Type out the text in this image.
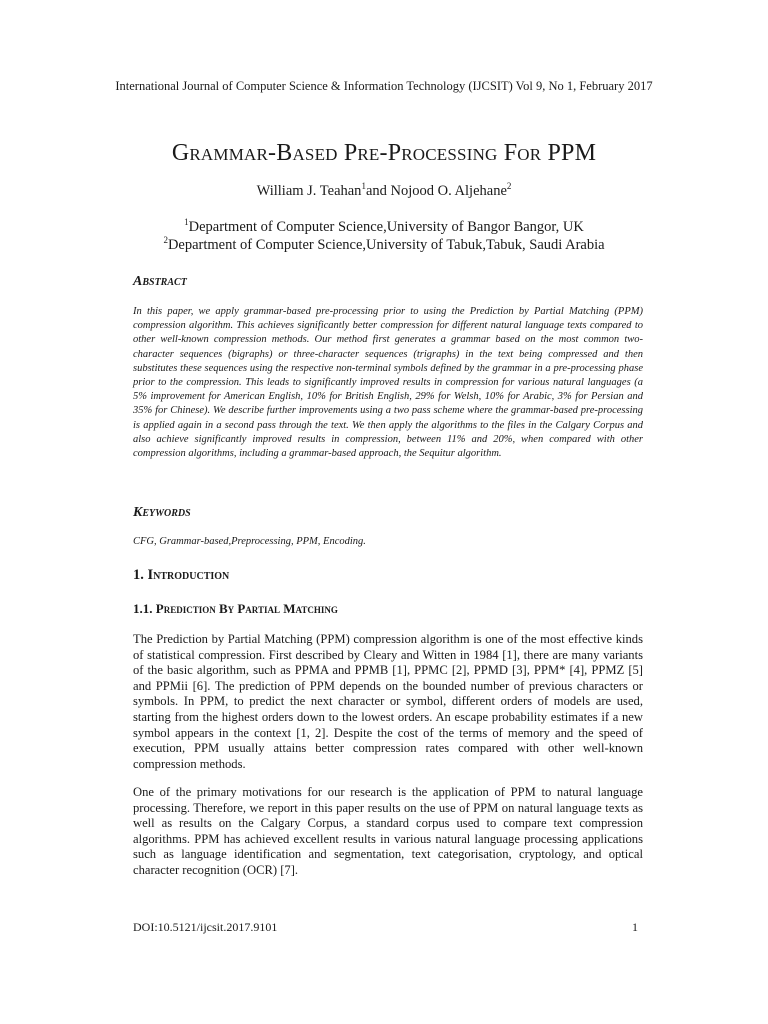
International Journal of Computer Science & Information Technology (IJCSIT) Vol 9, No 1, February 2017
Grammar-Based Pre-Processing For PPM
William J. Teahan$^1$and Nojood O. Aljehane$^2$
$^1$Department of Computer Science,University of Bangor Bangor, UK
$^2$Department of Computer Science,University of Tabuk,Tabuk, Saudi Arabia
Abstract
In this paper, we apply grammar-based pre-processing prior to using the Prediction by Partial Matching (PPM) compression algorithm. This achieves significantly better compression for different natural language texts compared to other well-known compression methods. Our method first generates a grammar based on the most common two-character sequences (bigraphs) or three-character sequences (trigraphs) in the text being compressed and then substitutes these sequences using the respective non-terminal symbols defined by the grammar in a pre-processing phase prior to the compression. This leads to significantly improved results in compression for various natural languages (a 5% improvement for American English, 10% for British English, 29% for Welsh, 10% for Arabic, 3% for Persian and 35% for Chinese). We describe further improvements using a two pass scheme where the grammar-based pre-processing is applied again in a second pass through the text. We then apply the algorithms to the files in the Calgary Corpus and also achieve significantly improved results in compression, between 11% and 20%, when compared with other compression algorithms, including a grammar-based approach, the Sequitur algorithm.
Keywords
CFG, Grammar-based,Preprocessing, PPM, Encoding.
1. Introduction
1.1. Prediction By Partial Matching
The Prediction by Partial Matching (PPM) compression algorithm is one of the most effective kinds of statistical compression. First described by Cleary and Witten in 1984 [1], there are many variants of the basic algorithm, such as PPMA and PPMB [1], PPMC [2], PPMD [3], PPM* [4], PPMZ [5] and PPMii [6]. The prediction of PPM depends on the bounded number of previous characters or symbols. In PPM, to predict the next character or symbol, different orders of models are used, starting from the highest orders down to the lowest orders. An escape probability estimates if a new symbol appears in the context [1, 2]. Despite the cost of the terms of memory and the speed of execution, PPM usually attains better compression rates compared with other well-known compression methods.
One of the primary motivations for our research is the application of PPM to natural language processing. Therefore, we report in this paper results on the use of PPM on natural language texts as well as results on the Calgary Corpus, a standard corpus used to compare text compression algorithms. PPM has achieved excellent results in various natural language processing applications such as language identification and segmentation, text categorisation, cryptology, and optical character recognition (OCR) [7].
DOI:10.5121/ijcsit.2017.9101	1
